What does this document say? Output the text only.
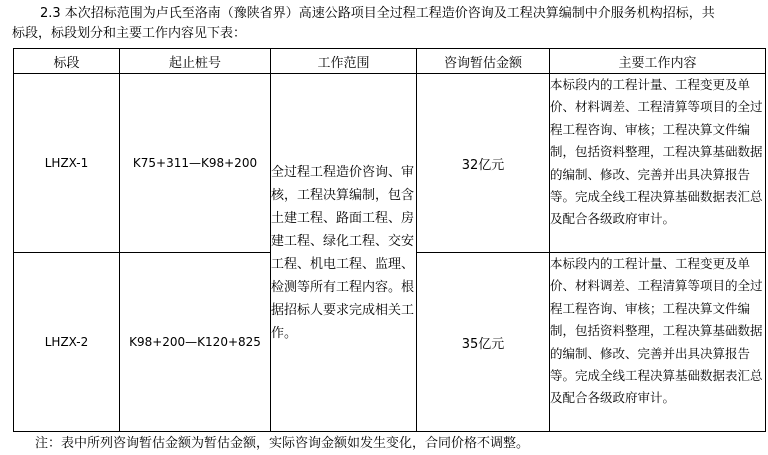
2.3 本次招标范围为卢氏至洛南（豫陕省界）高速公路项目全过程工程造价咨询及工程决算编制中介服务机构招标，共
标段，标段划分和主要工作内容见下表：
标段	起止桩号	工作范围	咨询暂估金额	主要工作内容
LHZX-1	K75+311—K98+200	全过程工程造价咨询、审核，工程决算编制，包含土建工程、路面工程、房建工程、绿化工程、交安工程、机电工程、监理、检测等所有工程内容。根据招标人要求完成相关工作。	32亿元	本标段内的工程计量、工程变更及单价、材料调差、工程清算等项目的全过程工程咨询、审核；工程决算文件编制，包括资料整理，工程决算基础数据的编制、修改、完善并出具决算报告等。完成全线工程决算基础数据表汇总及配合各级政府审计。
LHZX-2	K98+200—K120+825		35亿元	本标段内的工程计量、工程变更及单价、材料调差、工程清算等项目的全过程工程咨询、审核；工程决算文件编制，包括资料整理，工程决算基础数据的编制、修改、完善并出具决算报告等。完成全线工程决算基础数据表汇总及配合各级政府审计。
注：表中所列咨询暂估金额为暂估金额，实际咨询金额如发生变化，合同价格不调整。
